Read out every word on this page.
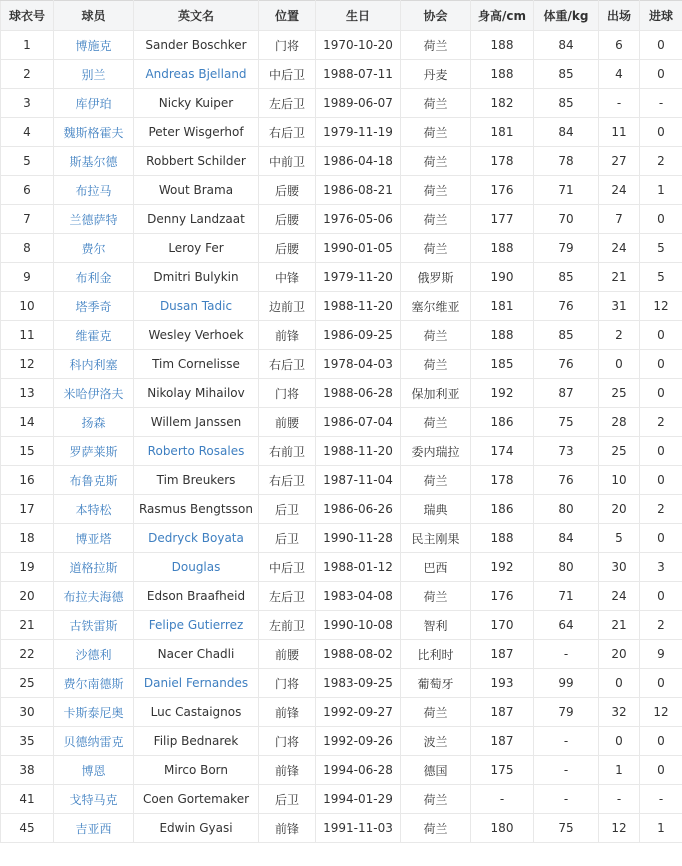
球衣号	球员	英文名	位置	生日	协会	身高/cm	体重/kg	出场	进球
1	博施克	Sander Boschker	门将	1970-10-20	荷兰	188	84	6	0
2	别兰	Andreas Bjelland	中后卫	1988-07-11	丹麦	188	85	4	0
3	库伊珀	Nicky Kuiper	左后卫	1989-06-07	荷兰	182	85	-	-
4	魏斯格霍夫	Peter Wisgerhof	右后卫	1979-11-19	荷兰	181	84	11	0
5	斯基尔德	Robbert Schilder	中前卫	1986-04-18	荷兰	178	78	27	2
6	布拉马	Wout Brama	后腰	1986-08-21	荷兰	176	71	24	1
7	兰德萨特	Denny Landzaat	后腰	1976-05-06	荷兰	177	70	7	0
8	费尔	Leroy Fer	后腰	1990-01-05	荷兰	188	79	24	5
9	布利金	Dmitri Bulykin	中锋	1979-11-20	俄罗斯	190	85	21	5
10	塔季奇	Dusan Tadic	边前卫	1988-11-20	塞尔维亚	181	76	31	12
11	维霍克	Wesley Verhoek	前锋	1986-09-25	荷兰	188	85	2	0
12	科内利塞	Tim Cornelisse	右后卫	1978-04-03	荷兰	185	76	0	0
13	米哈伊洛夫	Nikolay Mihailov	门将	1988-06-28	保加利亚	192	87	25	0
14	扬森	Willem Janssen	前腰	1986-07-04	荷兰	186	75	28	2
15	罗萨莱斯	Roberto Rosales	右前卫	1988-11-20	委内瑞拉	174	73	25	0
16	布鲁克斯	Tim Breukers	右后卫	1987-11-04	荷兰	178	76	10	0
17	本特松	Rasmus Bengtsson	后卫	1986-06-26	瑞典	186	80	20	2
18	博亚塔	Dedryck Boyata	后卫	1990-11-28	民主刚果	188	84	5	0
19	道格拉斯	Douglas	中后卫	1988-01-12	巴西	192	80	30	3
20	布拉夫海德	Edson Braafheid	左后卫	1983-04-08	荷兰	176	71	24	0
21	古铁雷斯	Felipe Gutierrez	左前卫	1990-10-08	智利	170	64	21	2
22	沙德利	Nacer Chadli	前腰	1988-08-02	比利时	187	-	20	9
25	费尔南德斯	Daniel Fernandes	门将	1983-09-25	葡萄牙	193	99	0	0
30	卡斯泰尼奥	Luc Castaignos	前锋	1992-09-27	荷兰	187	79	32	12
35	贝德纳雷克	Filip Bednarek	门将	1992-09-26	波兰	187	-	0	0
38	博恩	Mirco Born	前锋	1994-06-28	德国	175	-	1	0
41	戈特马克	Coen Gortemaker	后卫	1994-01-29	荷兰	-	-	-	-
45	吉亚西	Edwin Gyasi	前锋	1991-11-03	荷兰	180	75	12	1
